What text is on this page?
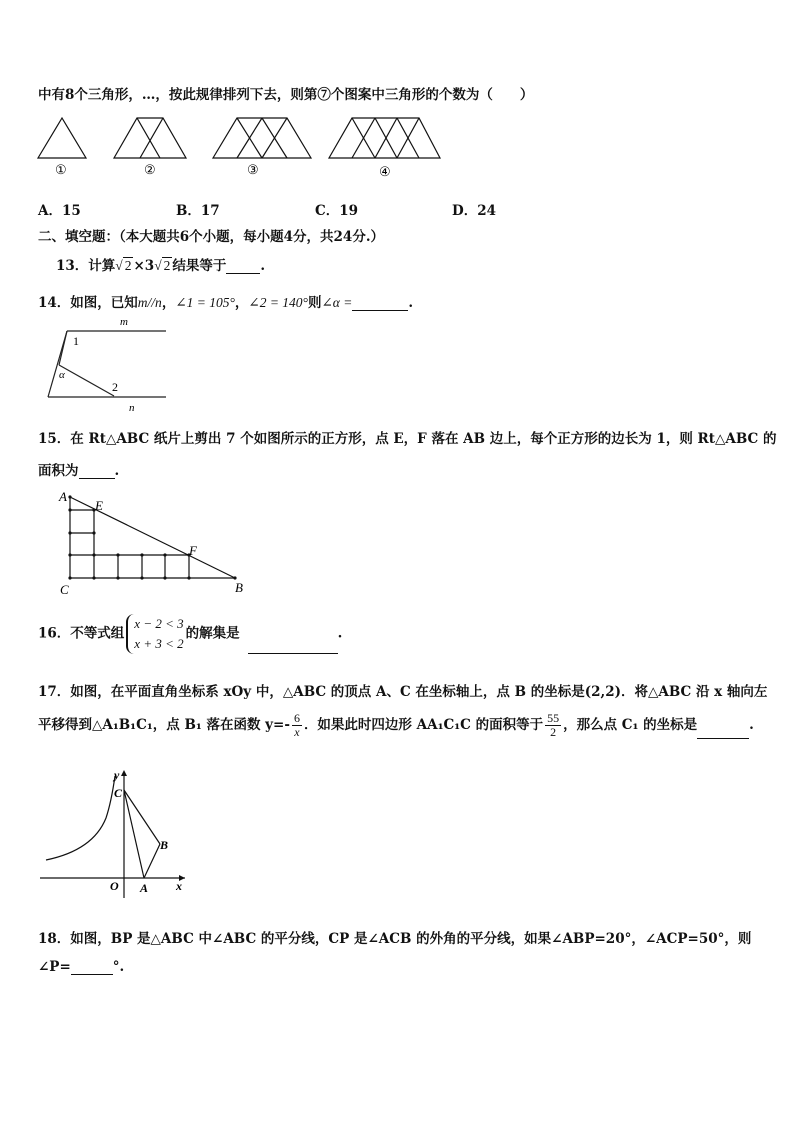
中有8个三角形，…，按此规律排列下去，则第⑦个图案中三角形的个数为（　　）
①	②	③	④
A．15	B．17	C．19	D．24
二、填空题：（本大题共6个小题，每小题4分，共24分.）
13．计算√ 2 ×3√ 2 结果等于	.
14．如图，已知m//n，∠1 = 105°，∠2 = 140°则∠α =	.
m
n
1
2
α
15．在 Rt△ABC 纸片上剪出 7 个如图所示的正方形，点 E，F 落在 AB 边上，每个正方形的边长为 1，则 Rt△ABC 的
面积为	.
A
E
F
C	B
16．不等式组
x − 2 < 3
x + 3 < 2
的解集是	.
17．如图，在平面直角坐标系 xOy 中，△ABC 的顶点 A、C 在坐标轴上，点 B 的坐标是(2,2)．将△ABC 沿 x 轴向左
平移得到△A₁B₁C₁，点 B₁ 落在函数 $y=- \frac{6}{x}$ ．如果此时四边形 AA₁C₁C 的面积等于 $\frac{55}{2}$ ，那么点 C₁ 的坐标是	.
y
x
O A
B
C
18．如图，BP 是△ABC 中∠ABC 的平分线，CP 是∠ACB 的外角的平分线，如果∠ABP=20°，∠ACP=50°，则
∠P=	°.
